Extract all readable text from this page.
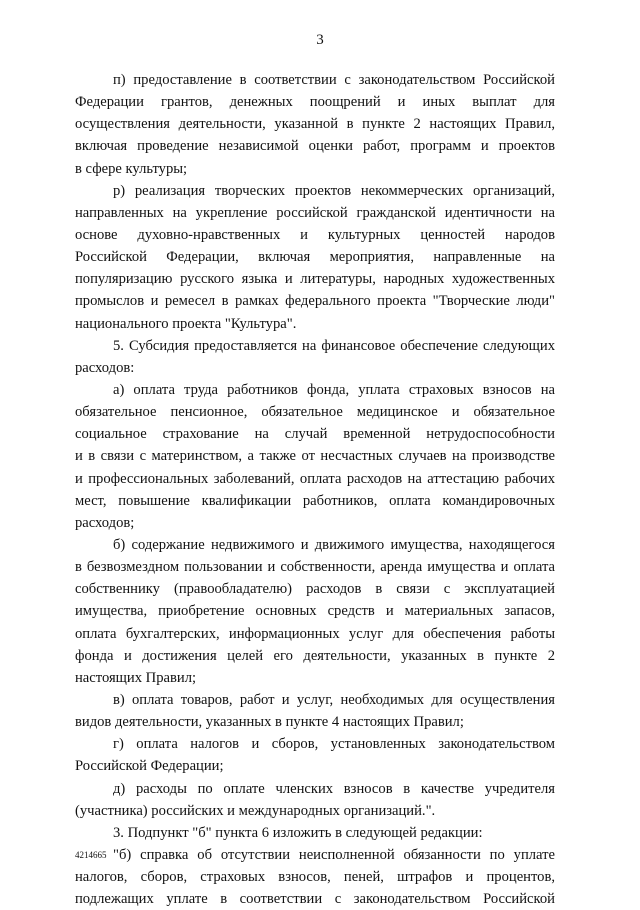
3
п) предоставление в соответствии с законодательством Российской
Федерации грантов, денежных поощрений и иных выплат для
осуществления деятельности, указанной в пункте 2 настоящих Правил,
включая проведение независимой оценки работ, программ и проектов
в сфере культуры;
р) реализация творческих проектов некоммерческих организаций,
направленных на укрепление российской гражданской идентичности на
основе духовно-нравственных и культурных ценностей народов
Российской Федерации, включая мероприятия, направленные на
популяризацию русского языка и литературы, народных художественных
промыслов и ремесел в рамках федерального проекта "Творческие люди"
национального проекта "Культура".
5. Субсидия предоставляется на финансовое обеспечение следующих
расходов:
а) оплата труда работников фонда, уплата страховых взносов на
обязательное пенсионное, обязательное медицинское и обязательное
социальное страхование на случай временной нетрудоспособности
и в связи с материнством, а также от несчастных случаев на производстве
и профессиональных заболеваний, оплата расходов на аттестацию рабочих
мест, повышение квалификации работников, оплата командировочных
расходов;
б) содержание недвижимого и движимого имущества, находящегося
в безвозмездном пользовании и собственности, аренда имущества и оплата
собственнику (правообладателю) расходов в связи с эксплуатацией
имущества, приобретение основных средств и материальных запасов,
оплата бухгалтерских, информационных услуг для обеспечения работы
фонда и достижения целей его деятельности, указанных в пункте 2
настоящих Правил;
в) оплата товаров, работ и услуг, необходимых для осуществления
видов деятельности, указанных в пункте 4 настоящих Правил;
г) оплата налогов и сборов, установленных законодательством
Российской Федерации;
д) расходы по оплате членских взносов в качестве учредителя
(участника) российских и международных организаций.".
3. Подпункт "б" пункта 6 изложить в следующей редакции:
"б) справка об отсутствии неисполненной обязанности по уплате
налогов, сборов, страховых взносов, пеней, штрафов и процентов,
подлежащих уплате в соответствии с законодательством Российской
4214665
